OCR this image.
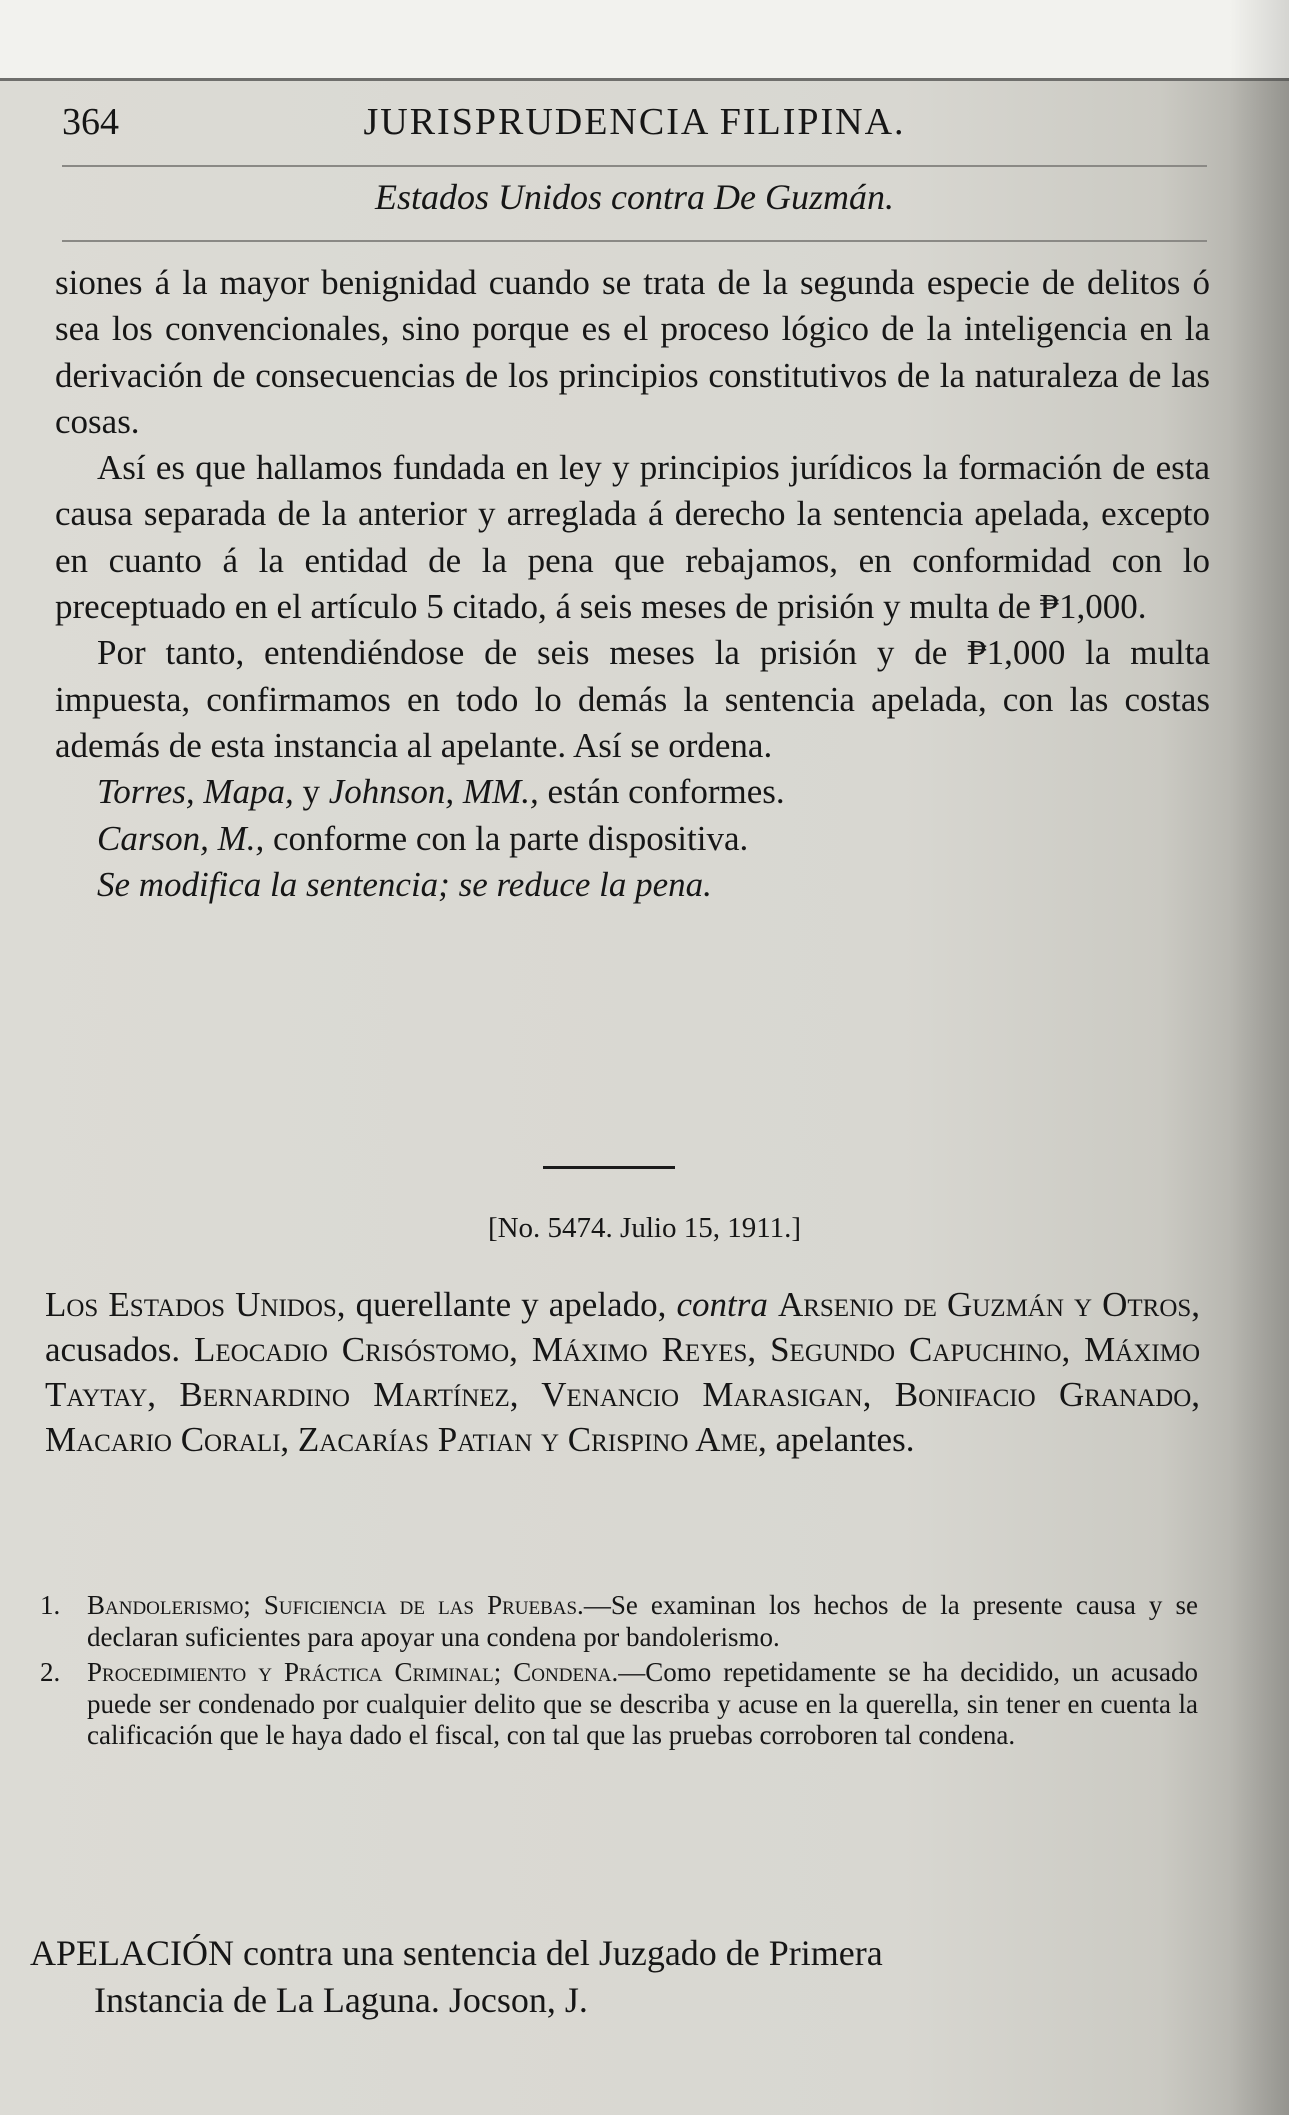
364	JURISPRUDENCIA FILIPINA.
Estados Unidos contra De Guzmán.

siones á la mayor benignidad cuando se trata de la segunda especie de delitos ó sea los convencionales, sino porque es el proceso lógico de la inteligencia en la derivación de consecuencias de los principios constitutivos de la naturaleza de las cosas.

Así es que hallamos fundada en ley y principios jurídicos la formación de esta causa separada de la anterior y arreglada á derecho la sentencia apelada, excepto en cuanto á la entidad de la pena que rebajamos, en conformidad con lo preceptuado en el artículo 5 citado, á seis meses de prisión y multa de ₱1,000.

Por tanto, entendiéndose de seis meses la prisión y de ₱1,000 la multa impuesta, confirmamos en todo lo demás la sentencia apelada, con las costas además de esta instancia al apelante. Así se ordena.

Torres, Mapa, y Johnson, MM., están conformes.

Carson, M., conforme con la parte dispositiva.

Se modifica la sentencia; se reduce la pena.

[No. 5474. Julio 15, 1911.]
Los Estados Unidos, querellante y apelado, contra Arsenio de Guzmán y Otros, acusados. Leocadio Crisóstomo, Máximo Reyes, Segundo Capuchino, Máximo Taytay, Bernardino Martínez, Venancio Marasigan, Bonifacio Granado, Macario Corali, Zacarías Patian y Crispino Ame, apelantes.
1. Bandolerismo; Suficiencia de las Pruebas.—Se examinan los hechos de la presente causa y se declaran suficientes para apoyar una condena por bandolerismo.
2. Procedimiento y Práctica Criminal; Condena.—Como repetidamente se ha decidido, un acusado puede ser condenado por cualquier delito que se describa y acuse en la querella, sin tener en cuenta la calificación que le haya dado el fiscal, con tal que las pruebas corroboren tal condena.
APELACIÓN contra una sentencia del Juzgado de Primera
Instancia de La Laguna. Jocson, J.
